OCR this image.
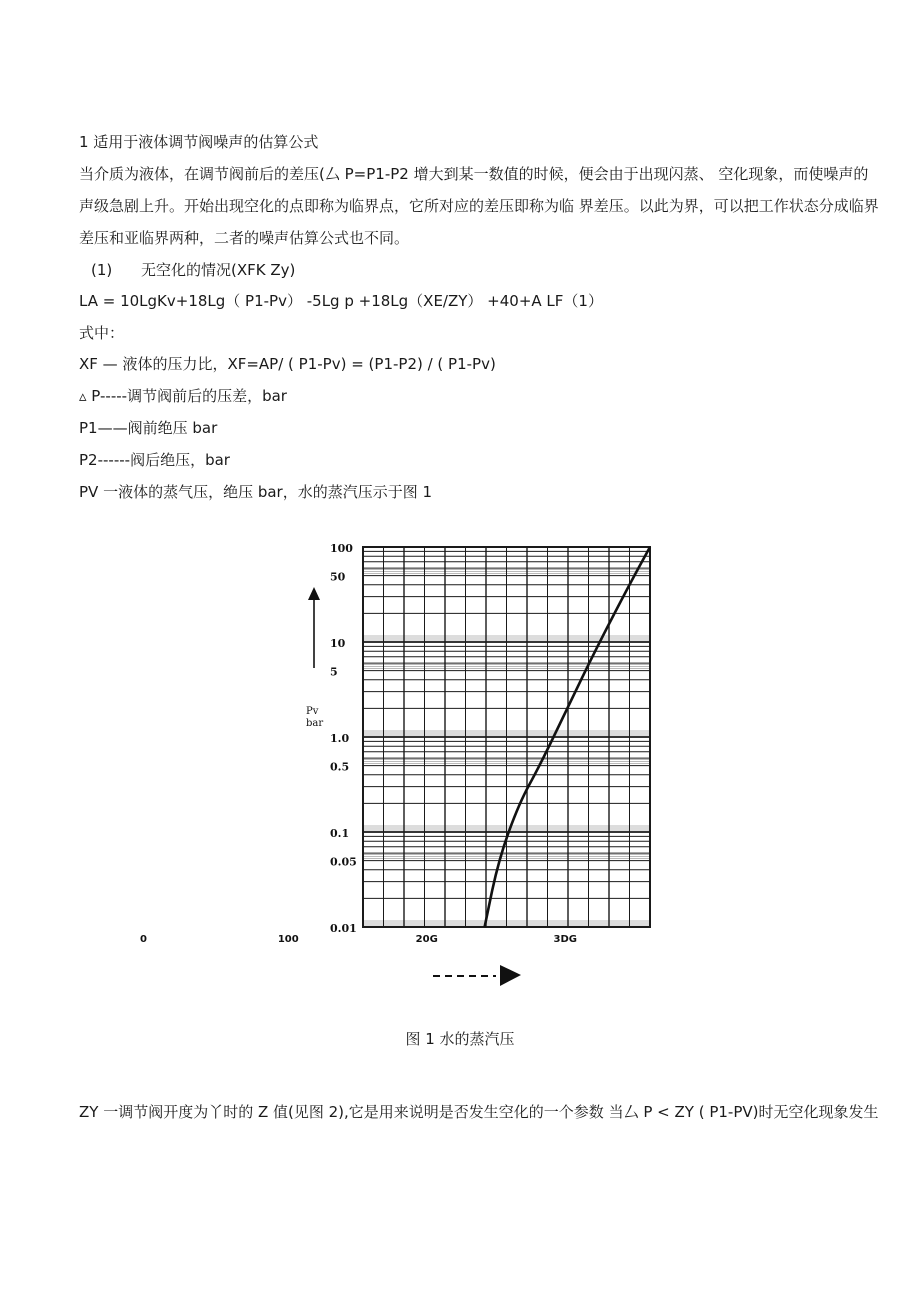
1 适用于液体调节阀噪声的估算公式
当介质为液体，在调节阀前后的差压(厶 P=P1-P2 增大到某一数值的时候，便会由于出现闪蒸、 空化现象，而使噪声的声级急剧上升。开始出现空化的点即称为临界点，它所对应的差压即称为临 界差压。以此为界，可以把工作状态分成临界差压和亚临界两种，二者的噪声估算公式也不同。
(1) 无空化的情况(XFK Zy)
LA = 10LgKv+18Lg（ P1-Pv） -5Lg p +18Lg（XE/ZY） +40+A LF（1）
式中：
XF — 液体的压力比，XF=AP/ ( P1-Pv) = (P1-P2) / ( P1-Pv)
▵ P-----调节阀前后的压差，bar
P1——阀前绝压 bar
P2------阀后绝压，bar
PV 一液体的蒸气压，绝压 bar，水的蒸汽压示于图 1
100
50
10
5
1.0
0.5
0.1
0.05
0.01
0	100	20G	3DG
Pv
bar
图 1 水的蒸汽压
ZY 一调节阀开度为丫时的 Z 值(见图 2),它是用来说明是否发生空化的一个参数 当厶 P < ZY ( P1-PV)时无空化现象发生
